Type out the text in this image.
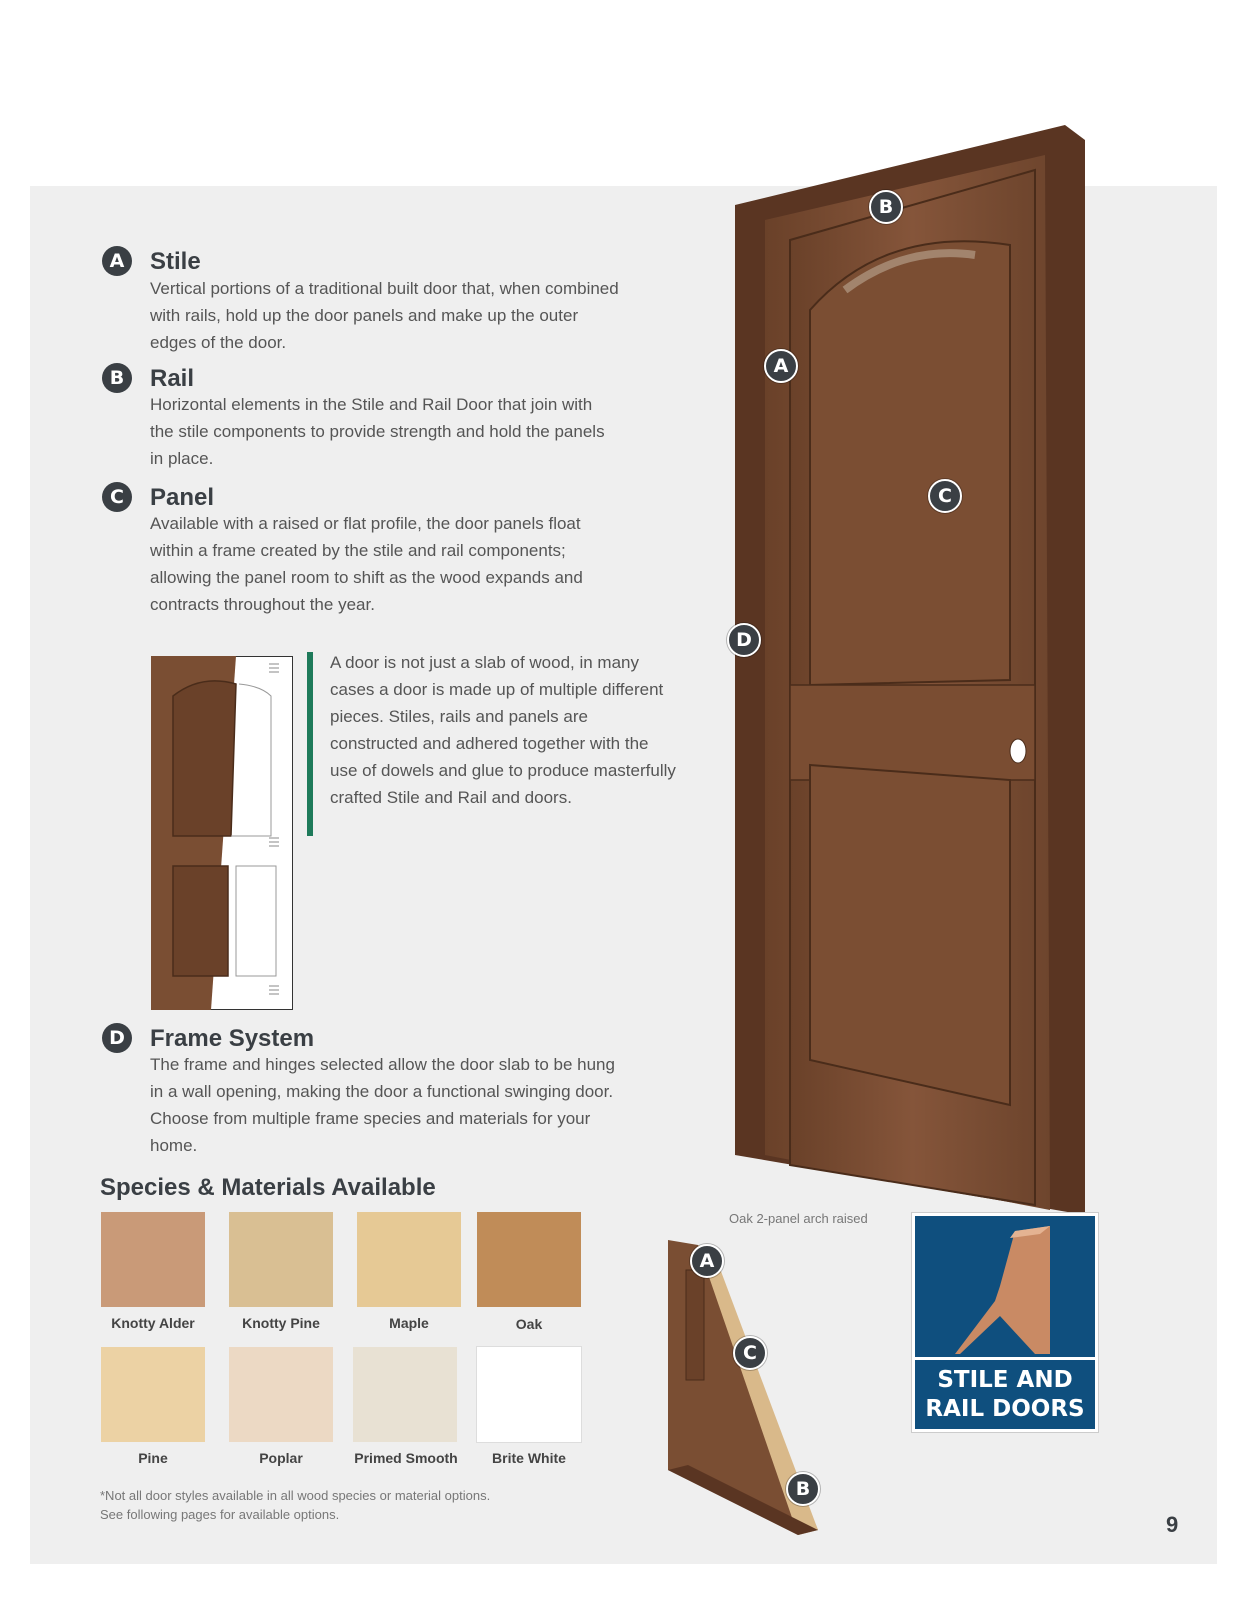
A	Stile
Vertical portions of a traditional built door that, when combined with rails, hold up the door panels and make up the outer edges of the door.
B	Rail
Horizontal elements in the Stile and Rail Door that join with the stile components to provide strength and hold the panels in place.
C	Panel
Available with a raised or flat profile, the door panels float within a frame created by the stile and rail components; allowing the panel room to shift as the wood expands and contracts throughout the year.
A door is not just a slab of wood, in many cases a door is made up of multiple different pieces. Stiles, rails and panels are constructed and adhered together with the use of dowels and glue to produce masterfully crafted Stile and Rail and doors.
D Frame System
The frame and hinges selected allow the door slab to be hung in a wall opening, making the door a functional swinging door. Choose from multiple frame species and materials for your home.
Species & Materials Available
Knotty Alder	Knotty Pine	Maple	Oak
Pine	Poplar	Primed Smooth	Brite White
*Not all door styles available in all wood species or material options.
See following pages for available options.
B
A
C
D
Oak 2-panel arch raised
A
C
B
STILE AND RAIL DOORS
9
